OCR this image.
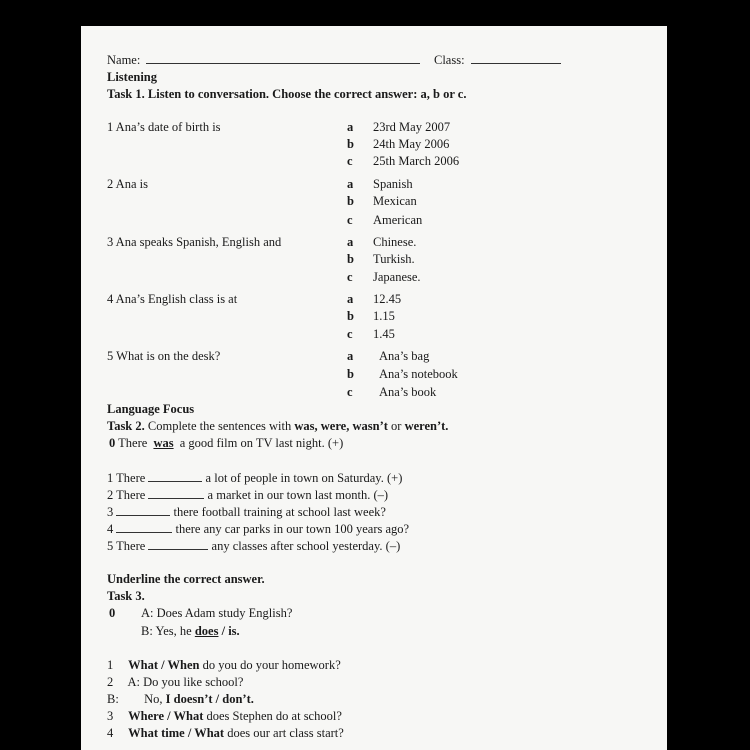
Name:	Class:
Listening
Task 1. Listen to conversation. Choose the correct answer: a, b or c.
1 Ana’s date of birth is	a 23rd May 2007
b 24th May 2006
c 25th March 2006
2 Ana is	a Spanish
b Mexican
c American
3 Ana speaks Spanish, English and	a Chinese.
b Turkish.
c Japanese.
4 Ana’s English class is at	a 12.45
b 1.15
c 1.45
5 What is on the desk?	a Ana’s bag
b Ana’s notebook
c Ana’s book
Language Focus
Task 2. Complete the sentences with was, were, wasn’t or weren’t.
0 There was a good film on TV last night. (+)
1 There	a lot of people in town on Saturday. (+)
2 There	a market in our town last month. (–)
3	there football training at school last week?
4	there any car parks in our town 100 years ago?
5 There	any classes after school yesterday. (–)
Underline the correct answer.
Task 3.
0 A: Does Adam study English?
B: Yes, he does / is.
1 What / When do you do your homework?
2 A: Do you like school?
B: No, I doesn’t / don’t.
3 Where / What does Stephen do at school?
4 What time / What does our art class start?
